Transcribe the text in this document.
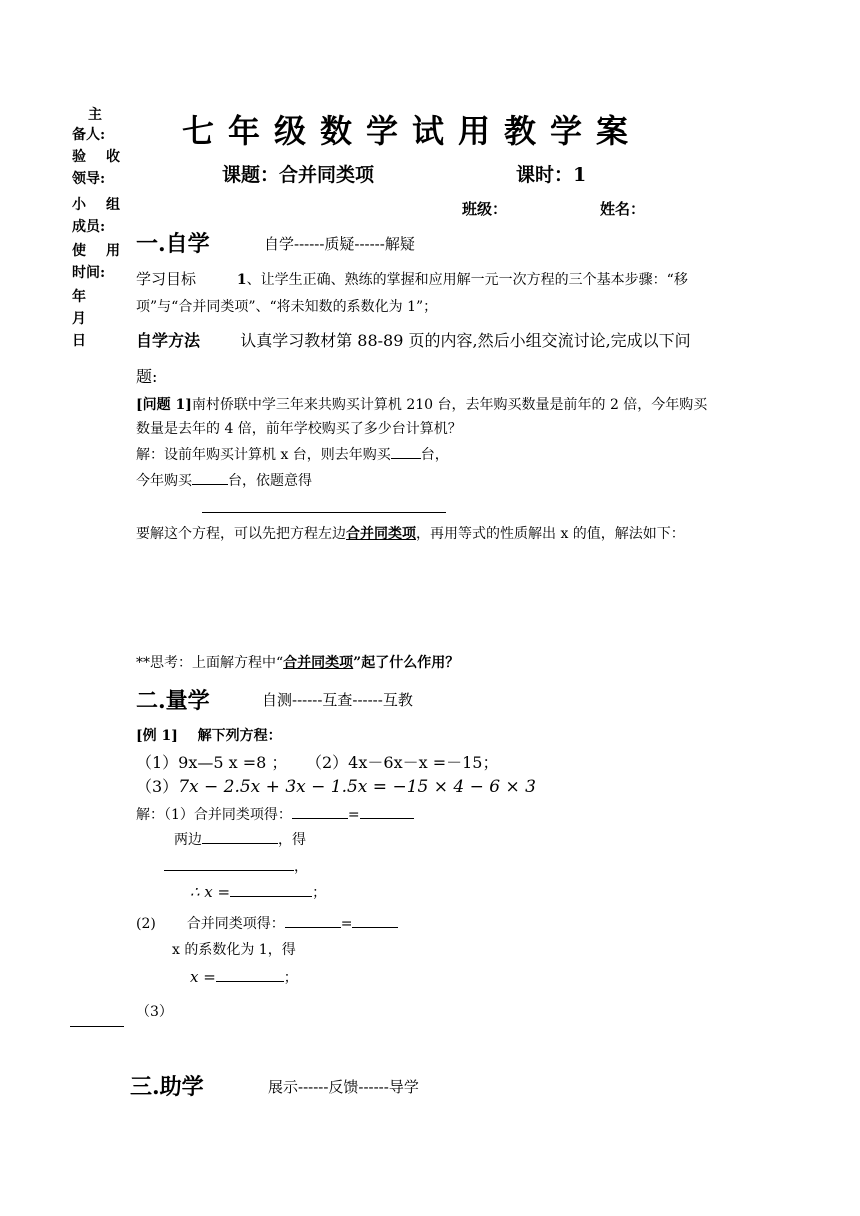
主
备人:
验 收
领导:
小 组
成员:
使 用
时间:
年
月
日
七年级数学试用教学案
课题：合并同类项	课时：1
班级：	姓名：
一.自学	自学------质疑------解疑
学习目标	1、让学生正确、熟练的掌握和应用解一元一次方程的三个基本步骤：“移
项”与“合并同类项”、“将未知数的系数化为 1”；
自学方法	认真学习教材第 88-89 页的内容,然后小组交流讨论,完成以下问
题:
[问题 1]南村侨联中学三年来共购买计算机 210 台，去年购买数量是前年的 2 倍，今年购买
数量是去年的 4 倍，前年学校购买了多少台计算机？
解：设前年购买计算机 x 台，则去年购买 台，
今年购买	台，依题意得
要解这个方程，可以先把方程左边合并同类项，再用等式的性质解出 x 的值，解法如下：
**思考：上面解方程中“合并同类项”起了什么作用？
二.量学	自测------互查------互教
[例 1] 解下列方程：
（1）9x—5 x =8 ； （2）4x－6x－x =－15；
（3）7x − 2.5x + 3x − 1.5x = −15 × 4 − 6 × 3
解：（1）合并同类项得：	=
两边	，得
，
∴ x =	；
(2) 合并同类项得：	=
x 的系数化为 1，得
x =	；
（3）
三.助学	展示------反馈------导学
